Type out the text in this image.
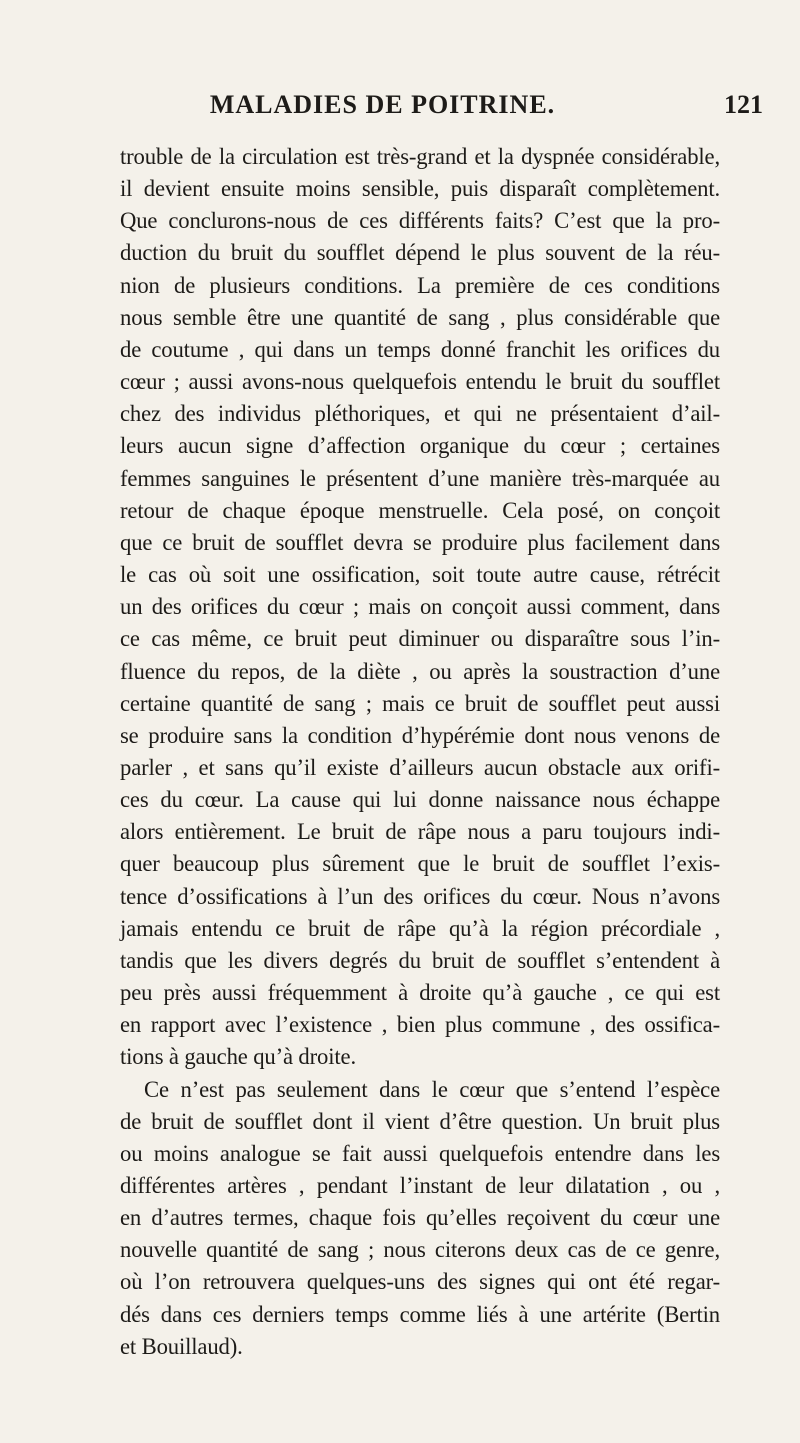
MALADIES DE POITRINE.	121
trouble de la circulation est très-grand et la dyspnée considérable,
il devient ensuite moins sensible, puis disparaît complètement.
Que conclurons-nous de ces différents faits? C’est que la pro-
duction du bruit du soufflet dépend le plus souvent de la réu-
nion de plusieurs conditions. La première de ces conditions
nous semble être une quantité de sang , plus considérable que
de coutume , qui dans un temps donné franchit les orifices du
cœur ; aussi avons-nous quelquefois entendu le bruit du soufflet
chez des individus pléthoriques, et qui ne présentaient d’ail-
leurs aucun signe d’affection organique du cœur ; certaines
femmes sanguines le présentent d’une manière très-marquée au
retour de chaque époque menstruelle. Cela posé, on conçoit
que ce bruit de soufflet devra se produire plus facilement dans
le cas où soit une ossification, soit toute autre cause, rétrécit
un des orifices du cœur ; mais on conçoit aussi comment, dans
ce cas même, ce bruit peut diminuer ou disparaître sous l’in-
fluence du repos, de la diète , ou après la soustraction d’une
certaine quantité de sang ; mais ce bruit de soufflet peut aussi
se produire sans la condition d’hypérémie dont nous venons de
parler , et sans qu’il existe d’ailleurs aucun obstacle aux orifi-
ces du cœur. La cause qui lui donne naissance nous échappe
alors entièrement. Le bruit de râpe nous a paru toujours indi-
quer beaucoup plus sûrement que le bruit de soufflet l’exis-
tence d’ossifications à l’un des orifices du cœur. Nous n’avons
jamais entendu ce bruit de râpe qu’à la région précordiale ,
tandis que les divers degrés du bruit de soufflet s’entendent à
peu près aussi fréquemment à droite qu’à gauche , ce qui est
en rapport avec l’existence , bien plus commune , des ossifica-
tions à gauche qu’à droite.
Ce n’est pas seulement dans le cœur que s’entend l’espèce
de bruit de soufflet dont il vient d’être question. Un bruit plus
ou moins analogue se fait aussi quelquefois entendre dans les
différentes artères , pendant l’instant de leur dilatation , ou ,
en d’autres termes, chaque fois qu’elles reçoivent du cœur une
nouvelle quantité de sang ; nous citerons deux cas de ce genre,
où l’on retrouvera quelques-uns des signes qui ont été regar-
dés dans ces derniers temps comme liés à une artérite (Bertin
et Bouillaud).
